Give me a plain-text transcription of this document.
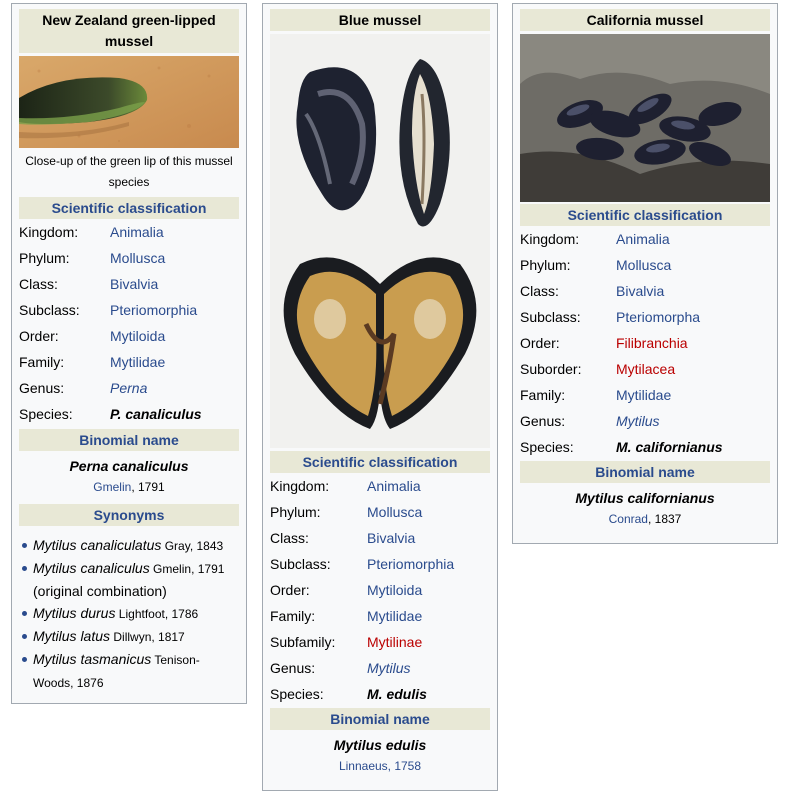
New Zealand green-lipped mussel
Close-up of the green lip of this mussel species
Scientific classification
Kingdom:	Animalia
Phylum:	Mollusca
Class:	Bivalvia
Subclass:	Pteriomorphia
Order:	Mytiloida
Family:	Mytilidae
Genus:	Perna
Species:	P. canaliculus
Binomial name
Perna canaliculus
Gmelin, 1791
Synonyms
Mytilus canaliculatus Gray, 1843
Mytilus canaliculus Gmelin, 1791
(original combination)
Mytilus durus Lightfoot, 1786
Mytilus latus Dillwyn, 1817
Mytilus tasmanicus Tenison-Woods, 1876
Blue mussel
Scientific classification
Kingdom:	Animalia
Phylum:	Mollusca
Class:	Bivalvia
Subclass:	Pteriomorphia
Order:	Mytiloida
Family:	Mytilidae
Subfamily:	Mytilinae
Genus:	Mytilus
Species:	M. edulis
Binomial name
Mytilus edulis
Linnaeus, 1758
California mussel
Scientific classification
Kingdom:	Animalia
Phylum:	Mollusca
Class:	Bivalvia
Subclass:	Pteriomorpha
Order:	Filibranchia
Suborder:	Mytilacea
Family:	Mytilidae
Genus:	Mytilus
Species:	M. californianus
Binomial name
Mytilus californianus
Conrad, 1837
